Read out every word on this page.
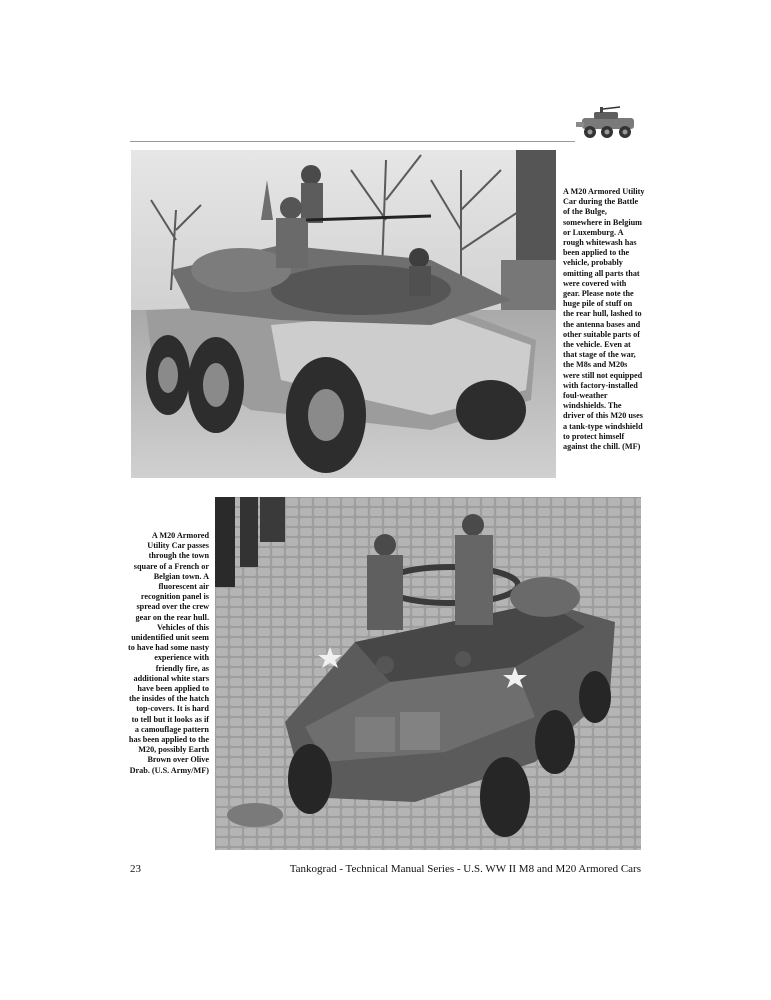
A M20 Armored Utility Car during the Battle of the Bulge, somewhere in Belgium or Luxemburg. A rough whitewash has been applied to the vehicle, probably omitting all parts that were covered with gear. Please note the huge pile of stuff on the rear hull, lashed to the antenna bases and other suitable parts of the vehicle. Even at that stage of the war, the M8s and M20s were still not equipped with factory-installed foul-weather windshields. The driver of this M20 uses a tank-type windshield to protect himself against the chill. (MF)
A M20 Armored Utility Car passes through the town square of a French or Belgian town. A fluorescent air recognition panel is spread over the crew gear on the rear hull. Vehicles of this unidentified unit seem to have had some nasty experience with friendly fire, as additional white stars have been applied to the insides of the hatch top-covers. It is hard to tell but it looks as if a camouflage pattern has been applied to the M20, possibly Earth Brown over Olive Drab. (U.S. Army/MF)
23	Tankograd - Technical Manual Series - U.S. WW II M8 and M20 Armored Cars
